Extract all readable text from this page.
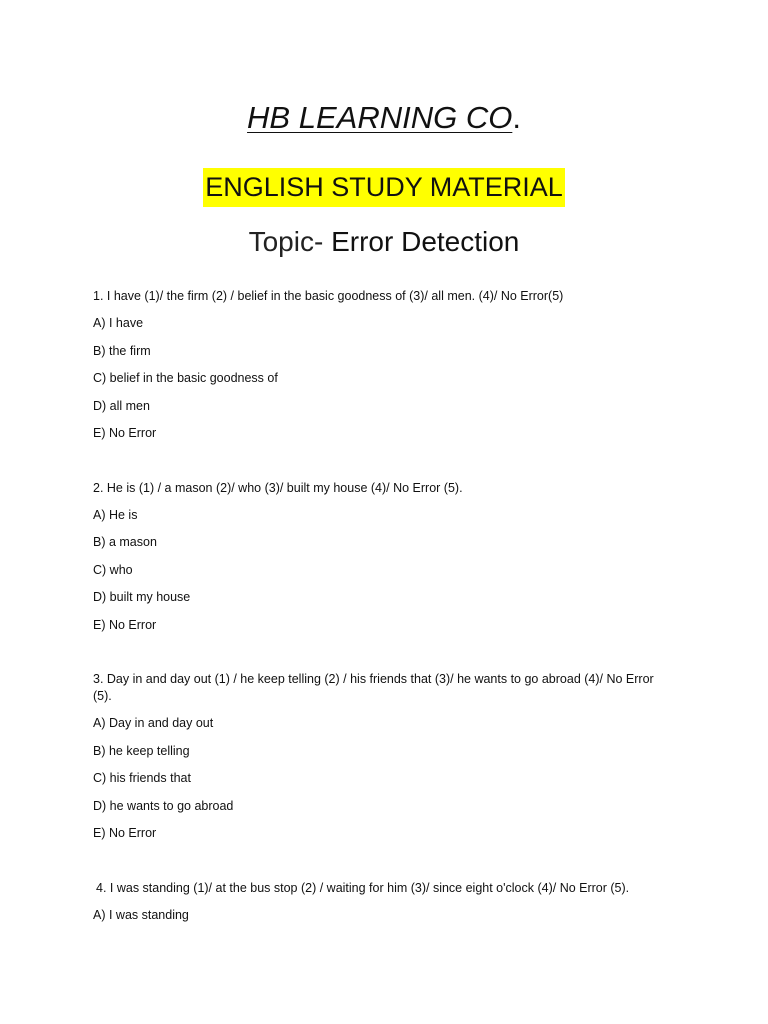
HB LEARNING CO.
ENGLISH STUDY MATERIAL
Topic- Error Detection
1. I have (1)/ the firm (2) / belief in the basic goodness of (3)/ all men. (4)/ No Error(5)
A) I have
B) the firm
C) belief in the basic goodness of
D) all men
E) No Error
2. He is (1) / a mason (2)/ who (3)/ built my house (4)/ No Error (5).
A) He is
B) a mason
C) who
D) built my house
E) No Error
3. Day in and day out (1) / he keep telling (2) / his friends that (3)/ he wants to go abroad (4)/ No Error (5).
A) Day in and day out
B) he keep telling
C) his friends that
D) he wants to go abroad
E) No Error
4. I was standing (1)/ at the bus stop (2) / waiting for him (3)/ since eight o'clock (4)/ No Error (5).
A) I was standing
